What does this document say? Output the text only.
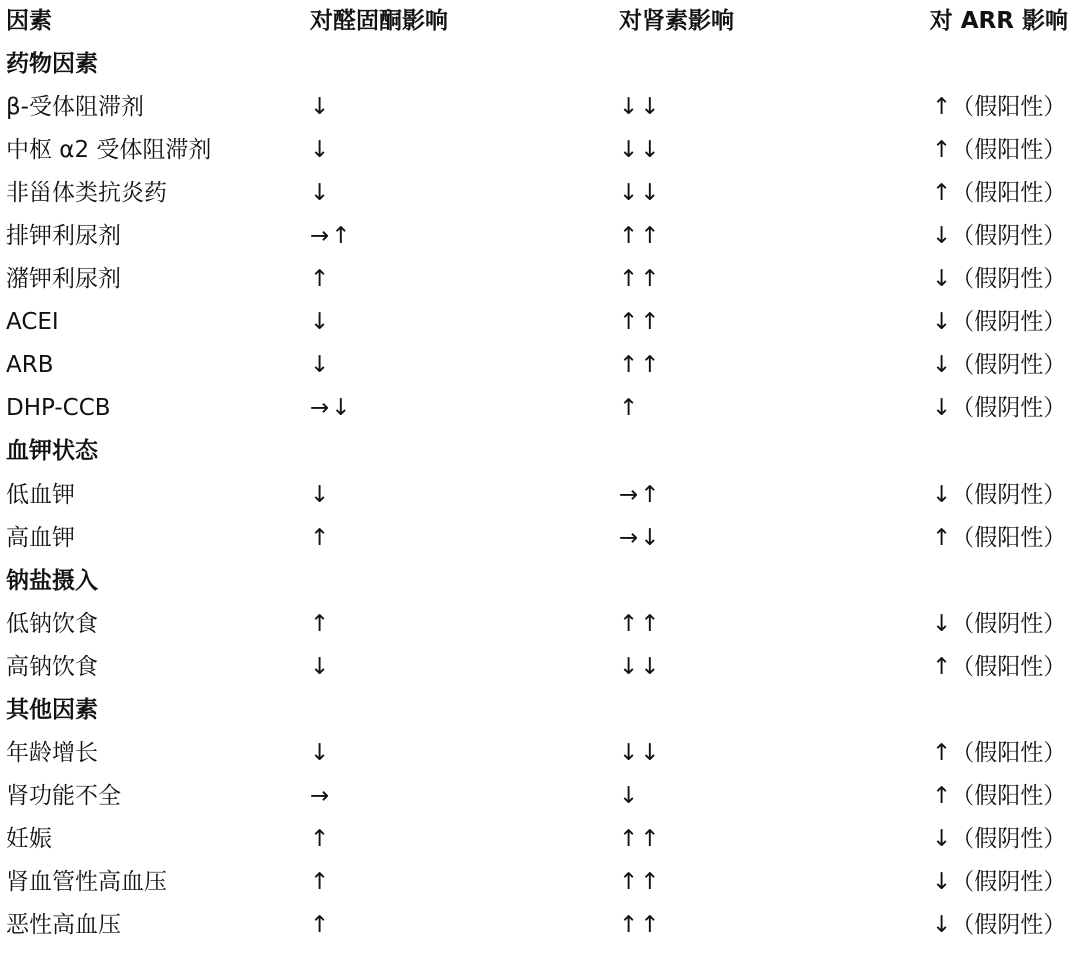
因素	对醛固酮影响	对肾素影响	对 ARR 影响
药物因素			
β-受体阻滞剂	↓	↓↓	↑（假阳性）
中枢 α2 受体阻滞剂	↓	↓↓	↑（假阳性）
非甾体类抗炎药	↓	↓↓	↑（假阳性）
排钾利尿剂	→↑	↑↑	↓（假阴性）
潴钾利尿剂	↑	↑↑	↓（假阴性）
ACEI	↓	↑↑	↓（假阴性）
ARB	↓	↑↑	↓（假阴性）
DHP-CCB	→↓	↑	↓（假阴性）
血钾状态			
低血钾	↓	→↑	↓（假阴性）
高血钾	↑	→↓	↑（假阳性）
钠盐摄入			
低钠饮食	↑	↑↑	↓（假阴性）
高钠饮食	↓	↓↓	↑（假阳性）
其他因素			
年龄增长	↓	↓↓	↑（假阳性）
肾功能不全	→	↓	↑（假阳性）
妊娠	↑	↑↑	↓（假阴性）
肾血管性高血压	↑	↑↑	↓（假阴性）
恶性高血压	↑	↑↑	↓（假阴性）
